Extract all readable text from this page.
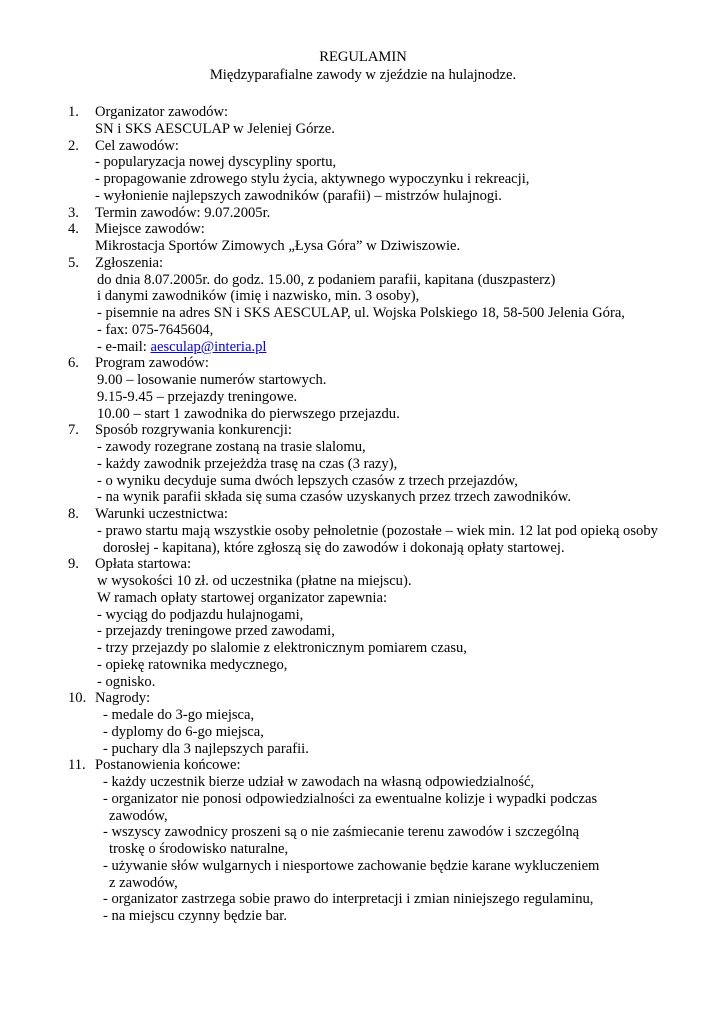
REGULAMIN
Międzyparafialne zawody w zjeździe na hulajnodze.
1. Organizator zawodów:
SN i SKS AESCULAP w Jeleniej Górze.
2. Cel zawodów:
- popularyzacja nowej dyscypliny sportu,
- propagowanie zdrowego stylu życia, aktywnego wypoczynku i rekreacji,
- wyłonienie najlepszych zawodników (parafii) – mistrzów hulajnogi.
3. Termin zawodów: 9.07.2005r.
4. Miejsce zawodów:
Mikrostacja Sportów Zimowych „Łysa Góra” w Dziwiszowie.
5. Zgłoszenia:
do dnia 8.07.2005r. do godz. 15.00, z podaniem parafii, kapitana (duszpasterz)
i danymi zawodników (imię i nazwisko, min. 3 osoby),
- pisemnie na adres SN i SKS AESCULAP, ul. Wojska Polskiego 18, 58-500 Jelenia Góra,
- fax: 075-7645604,
- e-mail: aesculap@interia.pl
6. Program zawodów:
9.00 – losowanie numerów startowych.
9.15-9.45 – przejazdy treningowe.
10.00 – start 1 zawodnika do pierwszego przejazdu.
7. Sposób rozgrywania konkurencji:
- zawody rozegrane zostaną na trasie slalomu,
- każdy zawodnik przejeżdża trasę na czas (3 razy),
- o wyniku decyduje suma dwóch lepszych czasów z trzech przejazdów,
- na wynik parafii składa się suma czasów uzyskanych przez trzech zawodników.
8. Warunki uczestnictwa:
- prawo startu mają wszystkie osoby pełnoletnie (pozostałe – wiek min. 12 lat pod opieką osoby
dorosłej - kapitana), które zgłoszą się do zawodów i dokonają opłaty startowej.
9. Opłata startowa:
w wysokości 10 zł. od uczestnika (płatne na miejscu).
W ramach opłaty startowej organizator zapewnia:
- wyciąg do podjazdu hulajnogami,
- przejazdy treningowe przed zawodami,
- trzy przejazdy po slalomie z elektronicznym pomiarem czasu,
- opiekę ratownika medycznego,
- ognisko.
10. Nagrody:
- medale do 3-go miejsca,
- dyplomy do 6-go miejsca,
- puchary dla 3 najlepszych parafii.
11. Postanowienia końcowe:
- każdy uczestnik bierze udział w zawodach na własną odpowiedzialność,
- organizator nie ponosi odpowiedzialności za ewentualne kolizje i wypadki podczas
zawodów,
- wszyscy zawodnicy proszeni są o nie zaśmiecanie terenu zawodów i szczególną
troskę o środowisko naturalne,
- używanie słów wulgarnych i niesportowe zachowanie będzie karane wykluczeniem
z zawodów,
- organizator zastrzega sobie prawo do interpretacji i zmian niniejszego regulaminu,
- na miejscu czynny będzie bar.
